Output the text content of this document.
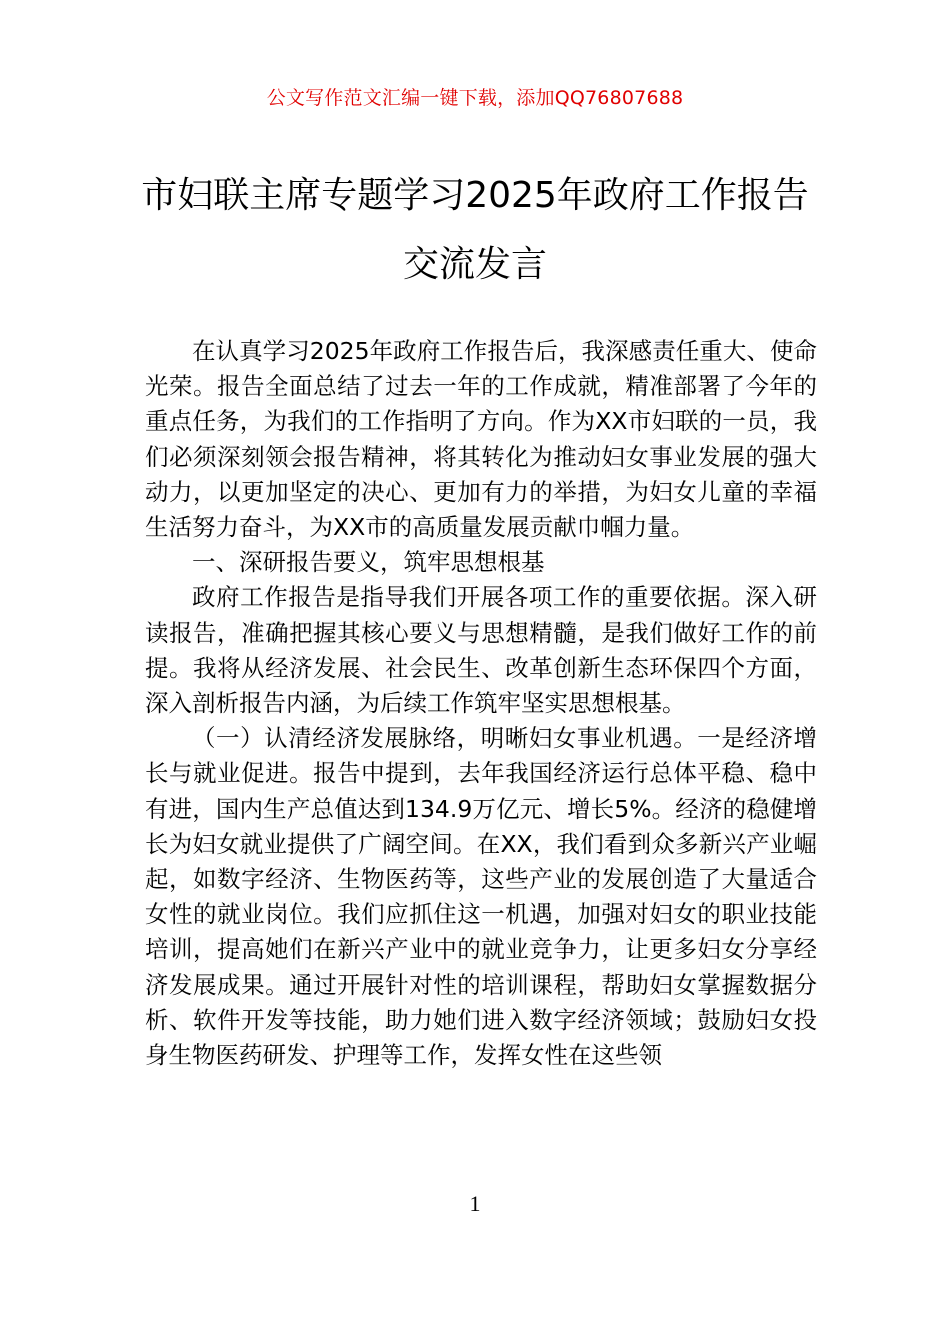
公文写作范文汇编一键下载，添加QQ76807688
市妇联主席专题学习2025年政府工作报告
交流发言

在认真学习2025年政府工作报告后，我深感责任重大、使命光荣。报告全面总结了过去一年的工作成就，精准部署了今年的重点任务，为我们的工作指明了方向。作为XX市妇联的一员，我们必须深刻领会报告精神，将其转化为推动妇女事业发展的强大动力，以更加坚定的决心、更加有力的举措，为妇女儿童的幸福生活努力奋斗，为XX市的高质量发展贡献巾帼力量。

一、深研报告要义，筑牢思想根基

政府工作报告是指导我们开展各项工作的重要依据。深入研读报告，准确把握其核心要义与思想精髓，是我们做好工作的前提。我将从经济发展、社会民生、改革创新生态环保四个方面，深入剖析报告内涵，为后续工作筑牢坚实思想根基。

（一）认清经济发展脉络，明晰妇女事业机遇。一是经济增长与就业促进。报告中提到，去年我国经济运行总体平稳、稳中有进，国内生产总值达到134.9万亿元、增长5%。经济的稳健增长为妇女就业提供了广阔空间。在XX，我们看到众多新兴产业崛起，如数字经济、生物医药等，这些产业的发展创造了大量适合女性的就业岗位。我们应抓住这一机遇，加强对妇女的职业技能培训，提高她们在新兴产业中的就业竞争力，让更多妇女分享经济发展成果。通过开展针对性的培训课程，帮助妇女掌握数据分析、软件开发等技能，助力她们进入数字经济领域；鼓励妇女投身生物医药研发、护理等工作，发挥女性在这些领

1
